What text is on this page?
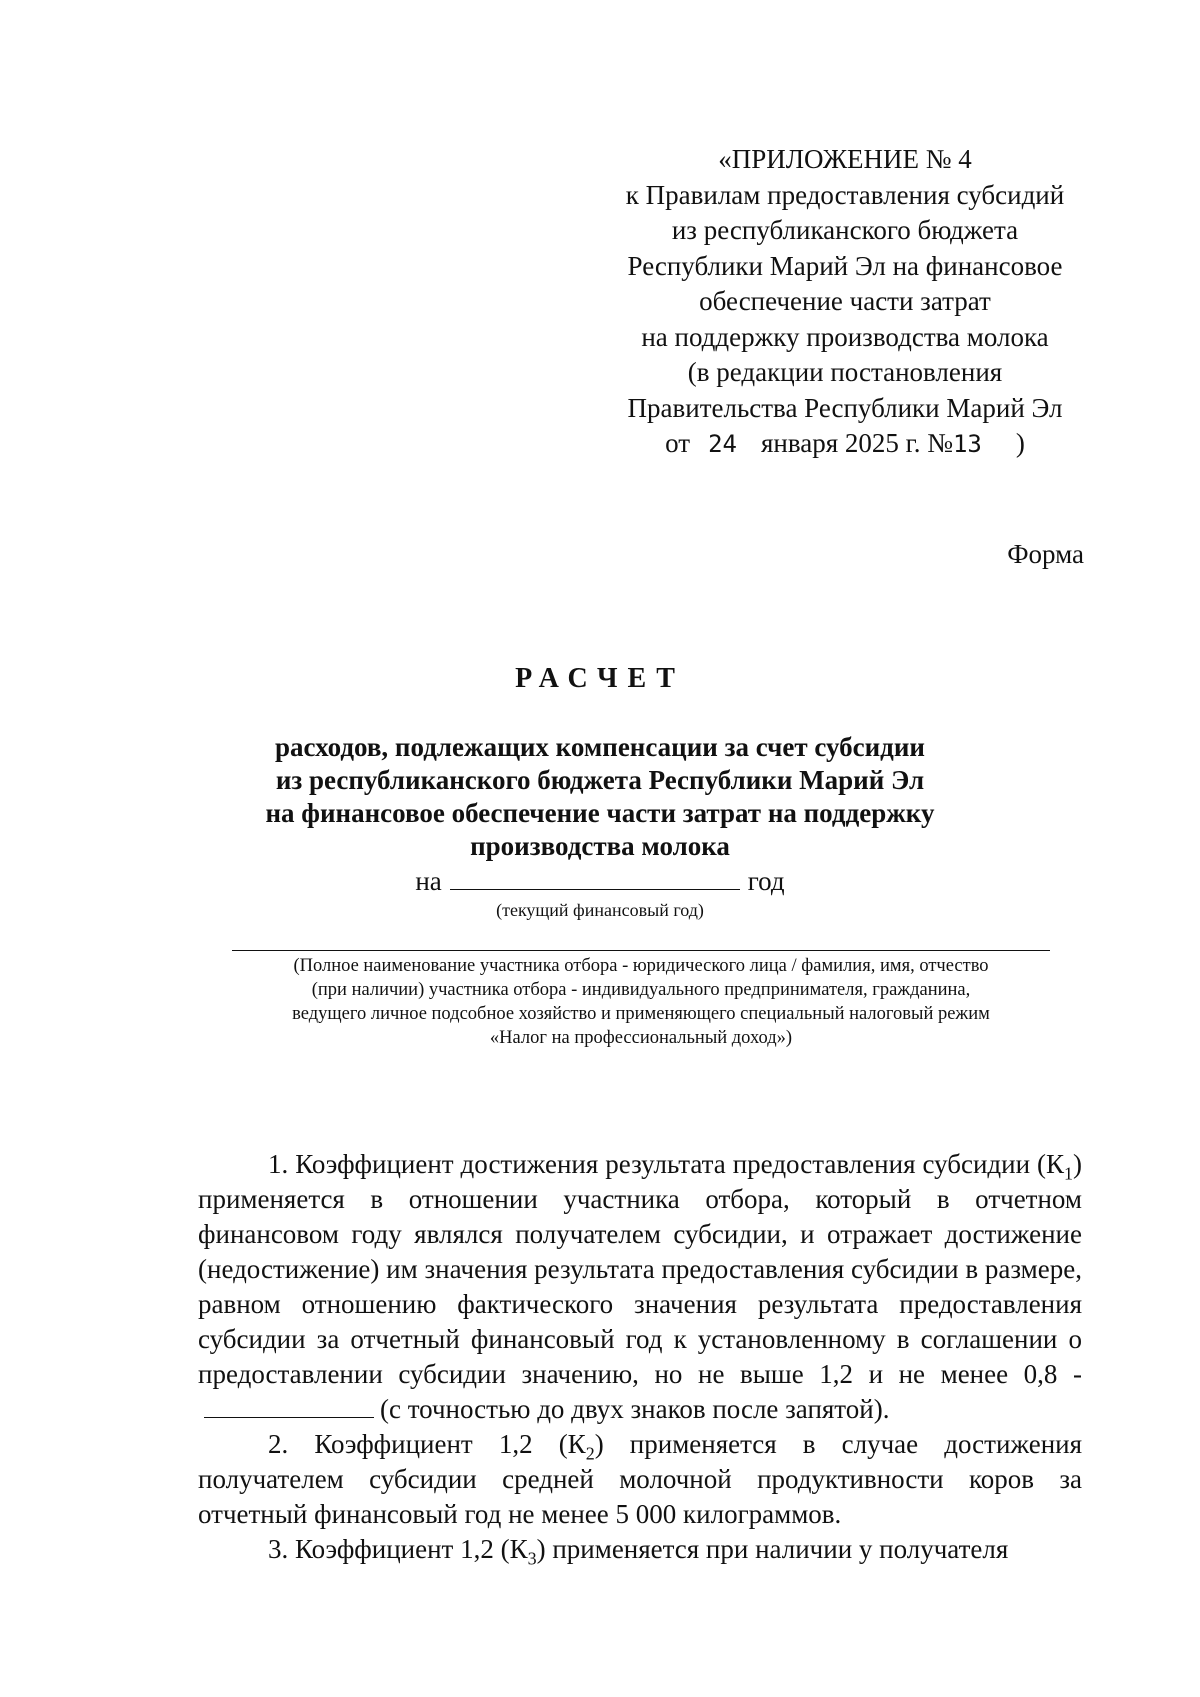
«ПРИЛОЖЕНИЕ № 4
к Правилам предоставления субсидий
из республиканского бюджета
Республики Марий Эл на финансовое
обеспечение части затрат
на поддержку производства молока
(в редакции постановления
Правительства Республики Марий Эл
от 24 января 2025 г. №13 )
Форма
РАСЧЕТ
расходов, подлежащих компенсации за счет субсидии
из республиканского бюджета Республики Марий Эл
на финансовое обеспечение части затрат на поддержку
производства молока
на	год
(текущий финансовый год)
(Полное наименование участника отбора - юридического лица / фамилия, имя, отчество
(при наличии) участника отбора - индивидуального предпринимателя, гражданина,
ведущего личное подсобное хозяйство и применяющего специальный налоговый режим
«Налог на профессиональный доход»)

1. Коэффициент достижения результата предоставления субсидии $(К_1)$ применяется в отношении участника отбора, который в отчетном финансовом году являлся получателем субсидии, и отражает достижение (недостижение) им значения результата предоставления субсидии в размере, равном отношению фактического значения результата предоставления субсидии за отчетный финансовый год к установленному в соглашении о предоставлении субсидии значению, но не выше 1,2 и не менее 0,8 -(с точностью до двух знаков после запятой).

2. Коэффициент 1,2 $(К_2)$ применяется в случае достижения получателем субсидии средней молочной продуктивности коров за отчетный финансовый год не менее 5 000 килограммов.

3. Коэффициент 1,2 $(К_3)$ применяется при наличии у получателя
